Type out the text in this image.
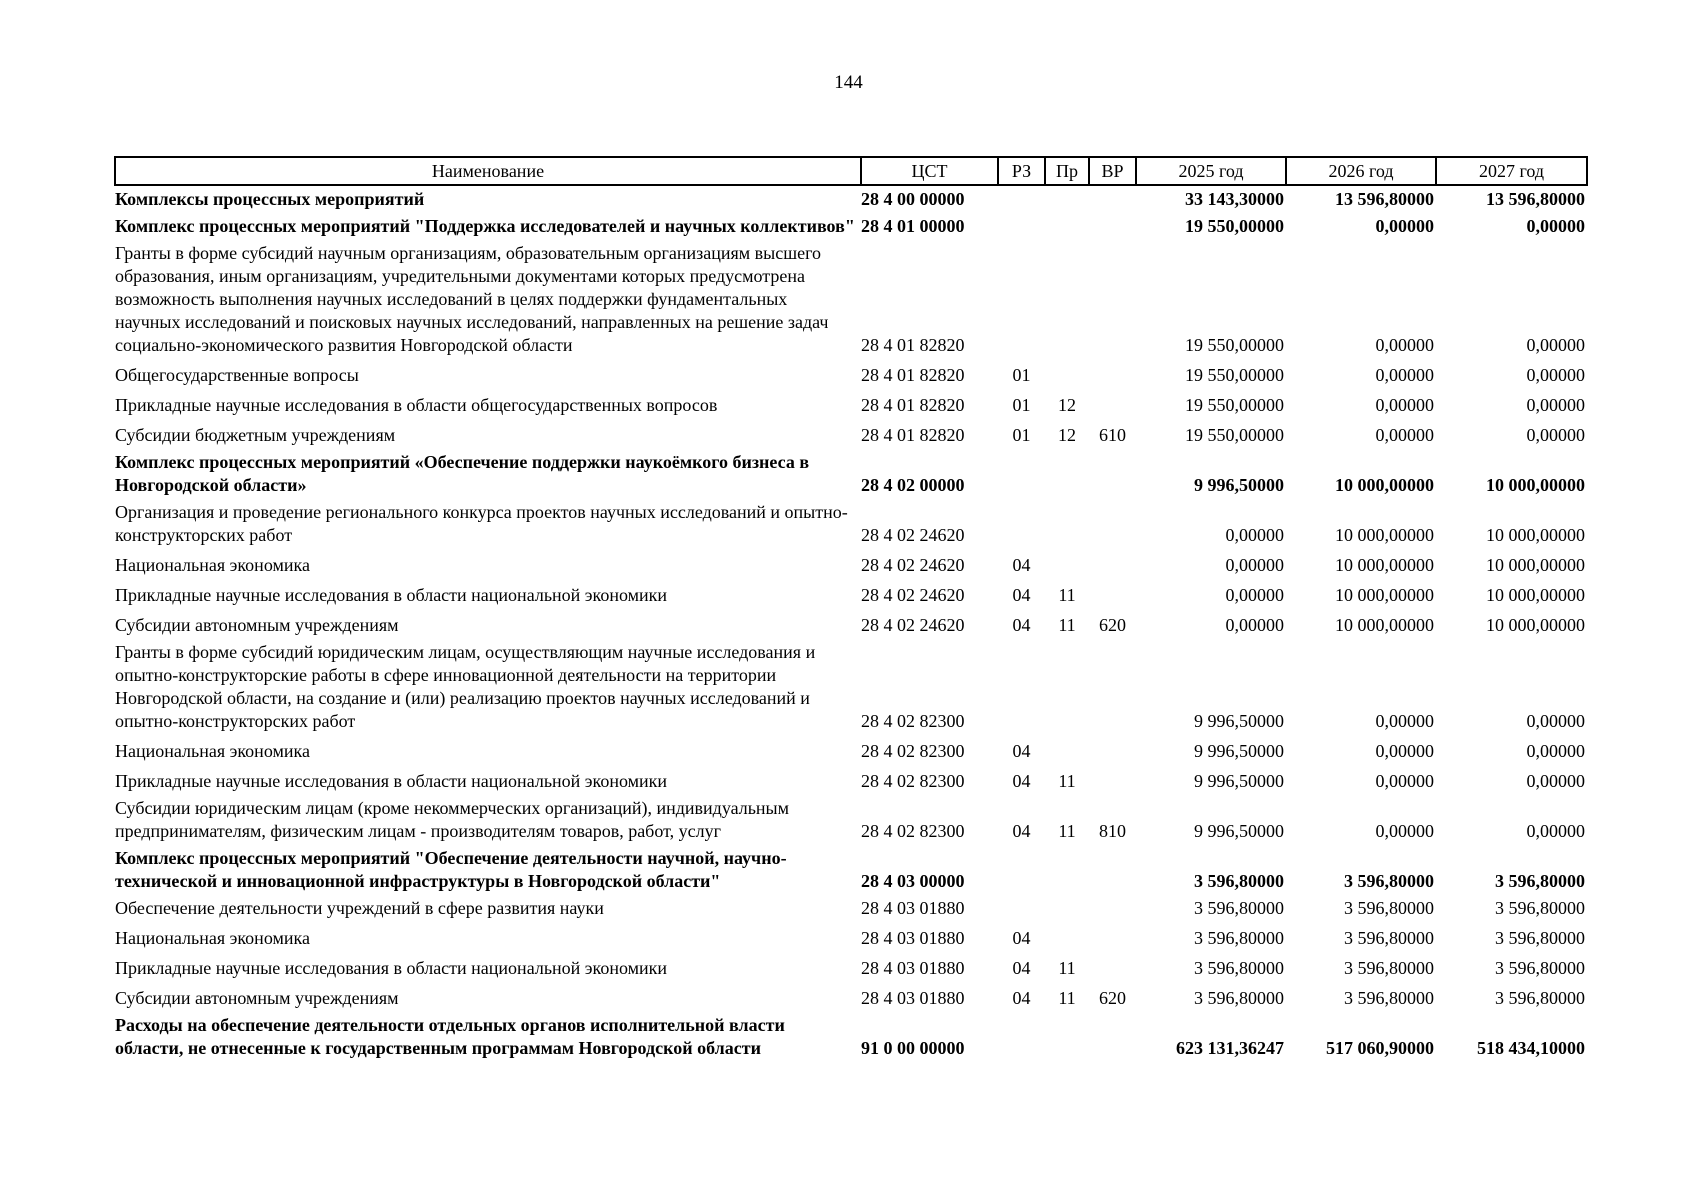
144
Наименование	ЦСТ	РЗ	Пр	ВР	2025 год	2026 год	2027 год
Комплексы процессных мероприятий	28 4 00 00000				33 143,30000	13 596,80000	13 596,80000
Комплекс процессных мероприятий "Поддержка исследователей и научных коллективов"	28 4 01 00000				19 550,00000	0,00000	0,00000
Гранты в форме субсидий научным организациям, образовательным организациям высшего образования, иным организациям, учредительными документами которых предусмотрена возможность выполнения научных исследований в целях поддержки фундаментальных научных исследований и поисковых научных исследований, направленных на решение задач социально-экономического развития Новгородской области	28 4 01 82820				19 550,00000	0,00000	0,00000
Общегосударственные вопросы	28 4 01 82820	01			19 550,00000	0,00000	0,00000
Прикладные научные исследования в области общегосударственных вопросов	28 4 01 82820	01	12		19 550,00000	0,00000	0,00000
Субсидии бюджетным учреждениям	28 4 01 82820	01	12	610	19 550,00000	0,00000	0,00000
Комплекс процессных мероприятий «Обеспечение поддержки наукоёмкого бизнеса в Новгородской области»	28 4 02 00000				9 996,50000	10 000,00000	10 000,00000
Организация и проведение регионального конкурса проектов научных исследований и опытно-конструкторских работ	28 4 02 24620				0,00000	10 000,00000	10 000,00000
Национальная экономика	28 4 02 24620	04			0,00000	10 000,00000	10 000,00000
Прикладные научные исследования в области национальной экономики	28 4 02 24620	04	11		0,00000	10 000,00000	10 000,00000
Субсидии автономным учреждениям	28 4 02 24620	04	11	620	0,00000	10 000,00000	10 000,00000
Гранты в форме субсидий юридическим лицам, осуществляющим научные исследования и опытно-конструкторские работы в сфере инновационной деятельности на территории Новгородской области, на создание и (или) реализацию проектов научных исследований и опытно-конструкторских работ	28 4 02 82300				9 996,50000	0,00000	0,00000
Национальная экономика	28 4 02 82300	04			9 996,50000	0,00000	0,00000
Прикладные научные исследования в области национальной экономики	28 4 02 82300	04	11		9 996,50000	0,00000	0,00000
Субсидии юридическим лицам (кроме некоммерческих организаций), индивидуальным предпринимателям, физическим лицам - производителям товаров, работ, услуг	28 4 02 82300	04	11	810	9 996,50000	0,00000	0,00000
Комплекс процессных мероприятий "Обеспечение деятельности научной, научно-технической и инновационной инфраструктуры в Новгородской области"	28 4 03 00000				3 596,80000	3 596,80000	3 596,80000
Обеспечение деятельности учреждений в сфере развития науки	28 4 03 01880				3 596,80000	3 596,80000	3 596,80000
Национальная экономика	28 4 03 01880	04			3 596,80000	3 596,80000	3 596,80000
Прикладные научные исследования в области национальной экономики	28 4 03 01880	04	11		3 596,80000	3 596,80000	3 596,80000
Субсидии автономным учреждениям	28 4 03 01880	04	11	620	3 596,80000	3 596,80000	3 596,80000
Расходы на обеспечение деятельности отдельных органов исполнительной власти области, не отнесенные к государственным программам Новгородской области	91 0 00 00000				623 131,36247	517 060,90000	518 434,10000
